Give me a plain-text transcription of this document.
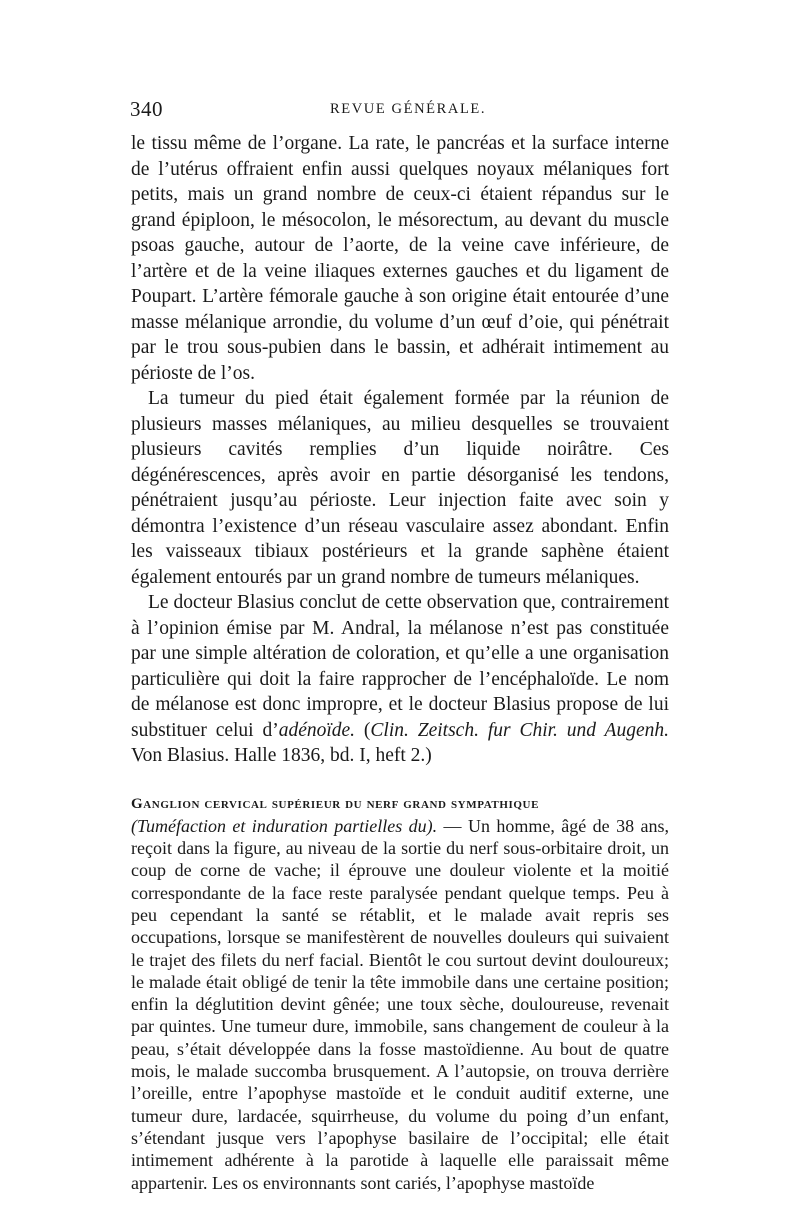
340	REVUE GÉNÉRALE.

le tissu même de l’organe. La rate, le pancréas et la surface interne de l’utérus offraient enfin aussi quelques noyaux mélaniques fort petits, mais un grand nombre de ceux-ci étaient répandus sur le grand épiploon, le mésocolon, le mésorectum, au devant du muscle psoas gauche, autour de l’aorte, de la veine cave inférieure, de l’artère et de la veine iliaques externes gauches et du ligament de Poupart. L’artère fémorale gauche à son origine était entourée d’une masse mélanique arrondie, du volume d’un œuf d’oie, qui pénétrait par le trou sous-pubien dans le bassin, et adhérait intimement au périoste de l’os.

La tumeur du pied était également formée par la réunion de plusieurs masses mélaniques, au milieu desquelles se trouvaient plusieurs cavités remplies d’un liquide noirâtre. Ces dégénérescences, après avoir en partie désorganisé les tendons, pénétraient jusqu’au périoste. Leur injection faite avec soin y démontra l’existence d’un réseau vasculaire assez abondant. Enfin les vaisseaux tibiaux postérieurs et la grande saphène étaient également entourés par un grand nombre de tumeurs mélaniques.

Le docteur Blasius conclut de cette observation que, contrairement à l’opinion émise par M. Andral, la mélanose n’est pas constituée par une simple altération de coloration, et qu’elle a une organisation particulière qui doit la faire rapprocher de l’encéphaloïde. Le nom de mélanose est donc impropre, et le docteur Blasius propose de lui substituer celui d’adénoïde. (Clin. Zeitsch. fur Chir. und Augenh. Von Blasius. Halle 1836, bd. I, heft 2.)

Ganglion cervical supérieur du nerf grand sympathique
(Tuméfaction et induration partielles du). — Un homme, âgé de 38 ans, reçoit dans la figure, au niveau de la sortie du nerf sous-orbitaire droit, un coup de corne de vache; il éprouve une douleur violente et la moitié correspondante de la face reste paralysée pendant quelque temps. Peu à peu cependant la santé se rétablit, et le malade avait repris ses occupations, lorsque se manifestèrent de nouvelles douleurs qui suivaient le trajet des filets du nerf facial. Bientôt le cou surtout devint douloureux; le malade était obligé de tenir la tête immobile dans une certaine position; enfin la déglutition devint gênée; une toux sèche, douloureuse, revenait par quintes. Une tumeur dure, immobile, sans changement de couleur à la peau, s’était développée dans la fosse mastoïdienne. Au bout de quatre mois, le malade succomba brusquement. A l’autopsie, on trouva derrière l’oreille, entre l’apophyse mastoïde et le conduit auditif externe, une tumeur dure, lardacée, squirrheuse, du volume du poing d’un enfant, s’étendant jusque vers l’apophyse basilaire de l’occipital; elle était intimement adhérente à la parotide à laquelle elle paraissait même appartenir. Les os environnants sont cariés, l’apophyse mastoïde
